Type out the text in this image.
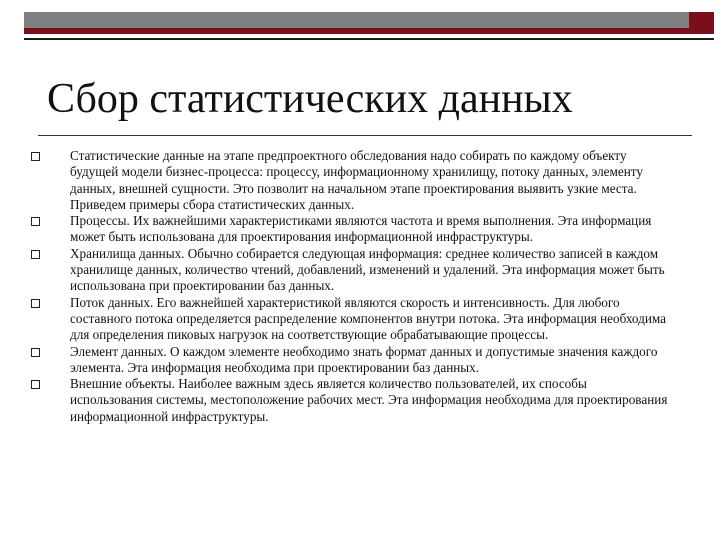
Сбор статистических данных
Статистические данные на этапе предпроектного обследования надо собирать по каждому объекту будущей модели бизнес-процесса: процессу, информационному хранилищу, потоку данных, элементу данных, внешней сущности. Это позволит на начальном этапе проектирования выявить узкие места. Приведем примеры сбора статистических данных.
Процессы. Их важнейшими характеристиками являются частота и время выполнения. Эта информация может быть использована для проектирования информационной инфраструктуры.
Хранилища данных. Обычно собирается следующая информация: среднее количество записей в каждом хранилище данных, количество чтений, добавлений, изменений и удалений. Эта информация может быть использована при проектировании баз данных.
Поток данных. Его важнейшей характеристикой являются скорость и интенсивность. Для любого составного потока определяется распределение компонентов внутри потока. Эта информация необходима для определения пиковых нагрузок на соответствующие обрабатывающие процессы.
Элемент данных. О каждом элементе необходимо знать формат данных и допустимые значения каждого элемента. Эта информация необходима при проектировании баз данных.
Внешние объекты. Наиболее важным здесь является количество пользователей, их способы использования системы, местоположение рабочих мест. Эта информация необходима для проектирования информационной инфраструктуры.
